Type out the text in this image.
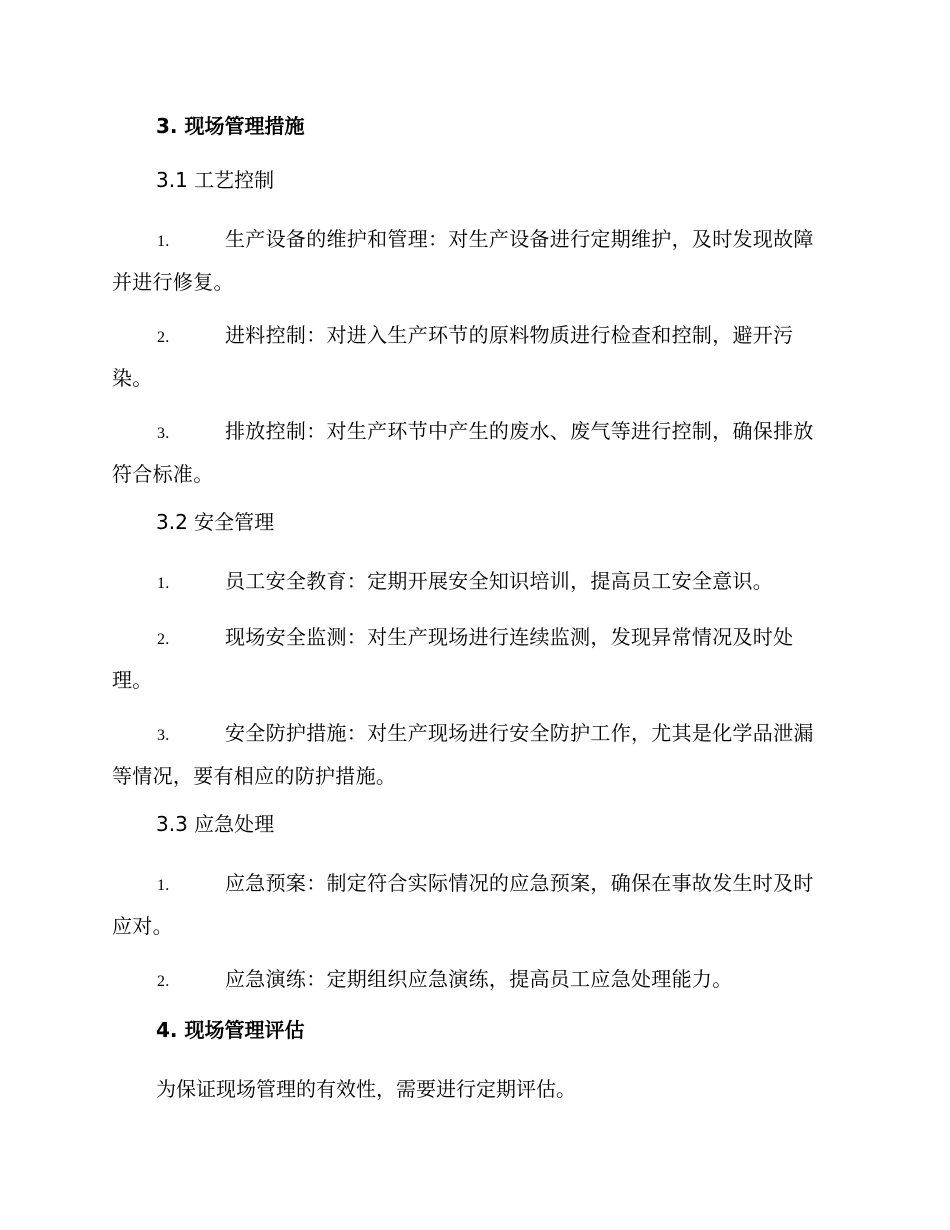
3. 现场管理措施
3.1 工艺控制
1.	生产设备的维护和管理：对生产设备进行定期维护，及时发现故障并进行修复。
2.	进料控制：对进入生产环节的原料物质进行检查和控制，避开污染。
3.	排放控制：对生产环节中产生的废水、废气等进行控制，确保排放符合标准。
3.2 安全管理
1.	员工安全教育：定期开展安全知识培训，提高员工安全意识。
2.	现场安全监测：对生产现场进行连续监测，发现异常情况及时处理。
3.	安全防护措施：对生产现场进行安全防护工作，尤其是化学品泄漏等情况，要有相应的防护措施。
3.3 应急处理
1.	应急预案：制定符合实际情况的应急预案，确保在事故发生时及时应对。
2.	应急演练：定期组织应急演练，提高员工应急处理能力。
4. 现场管理评估
为保证现场管理的有效性，需要进行定期评估。
